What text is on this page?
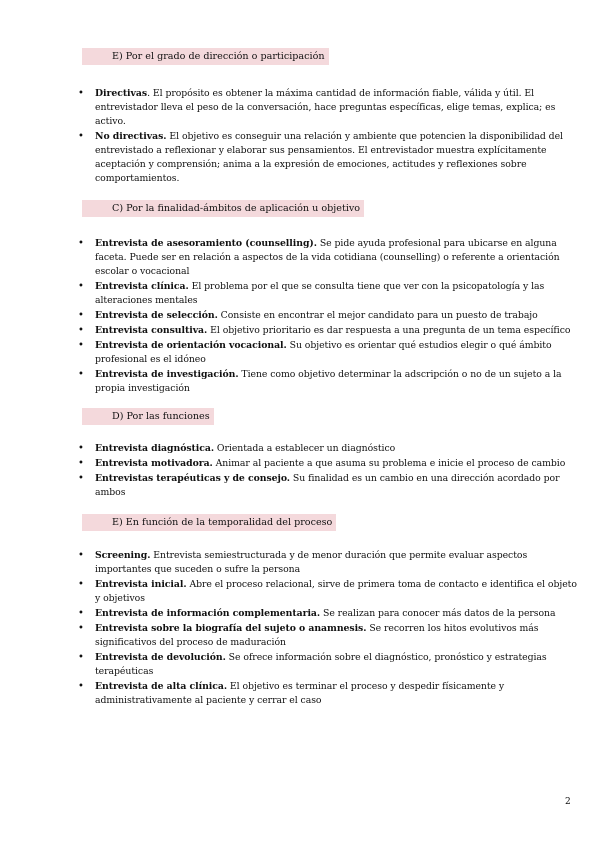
E) Por el grado de dirección o participación
• Directivas. El propósito es obtener la máxima cantidad de información fiable, válida y útil. El entrevistador lleva el peso de la conversación, hace preguntas específicas, elige temas, explica; es activo.
• No directivas. El objetivo es conseguir una relación y ambiente que potencien la disponibilidad del entrevistado a reflexionar y elaborar sus pensamientos. El entrevistador muestra explícitamente aceptación y comprensión; anima a la expresión de emociones, actitudes y reflexiones sobre comportamientos.
C) Por la finalidad-ámbitos de aplicación u objetivo
• Entrevista de asesoramiento (counselling). Se pide ayuda profesional para ubicarse en alguna faceta. Puede ser en relación a aspectos de la vida cotidiana (counselling) o referente a orientación escolar o vocacional
• Entrevista clínica. El problema por el que se consulta tiene que ver con la psicopatología y las alteraciones mentales
• Entrevista de selección. Consiste en encontrar el mejor candidato para un puesto de trabajo
• Entrevista consultiva. El objetivo prioritario es dar respuesta a una pregunta de un tema específico
• Entrevista de orientación vocacional. Su objetivo es orientar qué estudios elegir o qué ámbito profesional es el idóneo
• Entrevista de investigación. Tiene como objetivo determinar la adscripción o no de un sujeto a la propia investigación
D) Por las funciones
• Entrevista diagnóstica. Orientada a establecer un diagnóstico
• Entrevista motivadora. Animar al paciente a que asuma su problema e inicie el proceso de cambio
• Entrevistas terapéuticas y de consejo. Su finalidad es un cambio en una dirección acordado por ambos
E) En función de la temporalidad del proceso
• Screening. Entrevista semiestructurada y de menor duración que permite evaluar aspectos importantes que suceden o sufre la persona
• Entrevista inicial. Abre el proceso relacional, sirve de primera toma de contacto e identifica el objeto y objetivos
• Entrevista de información complementaria. Se realizan para conocer más datos de la persona
• Entrevista sobre la biografía del sujeto o anamnesis. Se recorren los hitos evolutivos más significativos del proceso de maduración
• Entrevista de devolución. Se ofrece información sobre el diagnóstico, pronóstico y estrategias terapéuticas
• Entrevista de alta clínica. El objetivo es terminar el proceso y despedir físicamente y administrativamente al paciente y cerrar el caso
2
